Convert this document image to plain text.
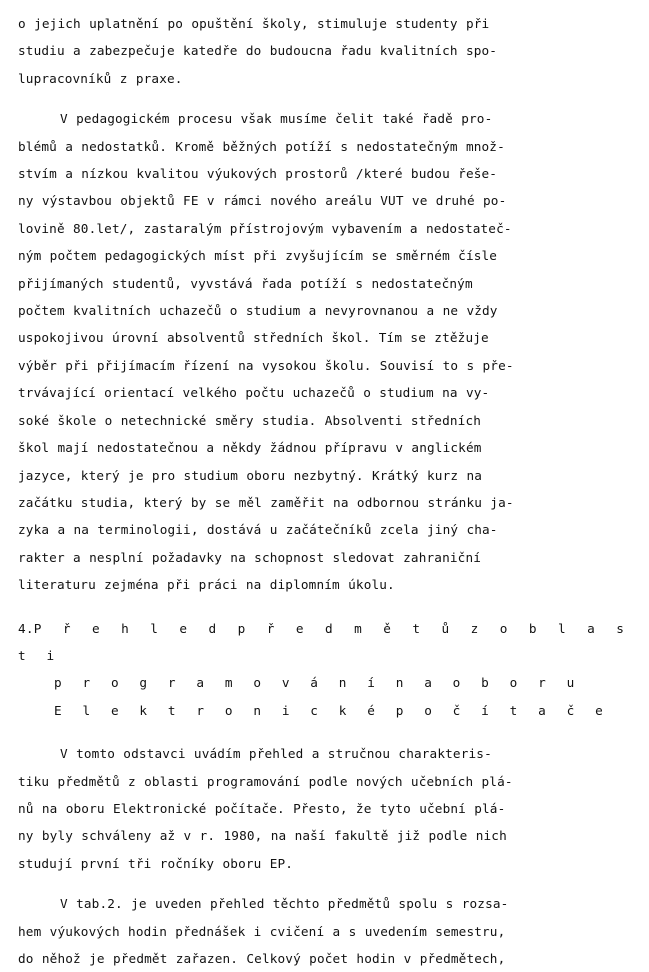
o jejich uplatnění po opuštění školy, stimuluje studenty při
studiu a zabezpečuje katedře do budoucna řadu kvalitních spo-
lupracovníků z praxe.

V pedagogickém procesu však musíme čelit také řadě pro-
blémů a nedostatků. Kromě běžných potíží s nedostatečným množ-
stvím a nízkou kvalitou výukových prostorů /které budou řeše-
ny výstavbou objektů FE v rámci nového areálu VUT ve druhé po-
lovině 80.let/, zastaralým přístrojovým vybavením a nedostateč-
ným počtem pedagogických míst při zvyšujícím se směrném čísle
přijímaných studentů, vyvstává řada potíží s nedostatečným
počtem kvalitních uchazečů o studium a nevyrovnanou a ne vždy
uspokojivou úrovní absolventů středních škol. Tím se ztěžuje
výběr při přijímacím řízení na vysokou školu. Souvisí to s pře-
trvávající orientací velkého počtu uchazečů o studium na vy-
soké škole o netechnické směry studia. Absolventi středních
škol mají nedostatečnou a někdy žádnou přípravu v anglickém
jazyce, který je pro studium oboru nezbytný. Krátký kurz na
začátku studia, který by se měl zaměřit na odbornou stránku ja-
zyka a na terminologii, dostává u začátečníků zcela jiný cha-
rakter a nesplní požadavky na schopnost sledovat zahraniční
literaturu zejména při práci na diplomním úkolu.

4.P ř e h l e d p ř e d m ě t ů z o b l a s t i
p r o g r a m o v á n í n a o b o r u
E l e k t r o n i c k é p o č í t a č e

V tomto odstavci uvádím přehled a stručnou charakteris-
tiku předmětů z oblasti programování podle nových učebních plá-
nů na oboru Elektronické počítače. Přesto, že tyto učební plá-
ny byly schváleny až v r. 1980, na naší fakultě již podle nich
studují první tři ročníky oboru EP.

V tab.2. je uveden přehled těchto předmětů spolu s rozsa-
hem výukových hodin přednášek i cvičení a s uvedením semestru,
do něhož je předmět zařazen. Celkový počet hodin v předmětech,
